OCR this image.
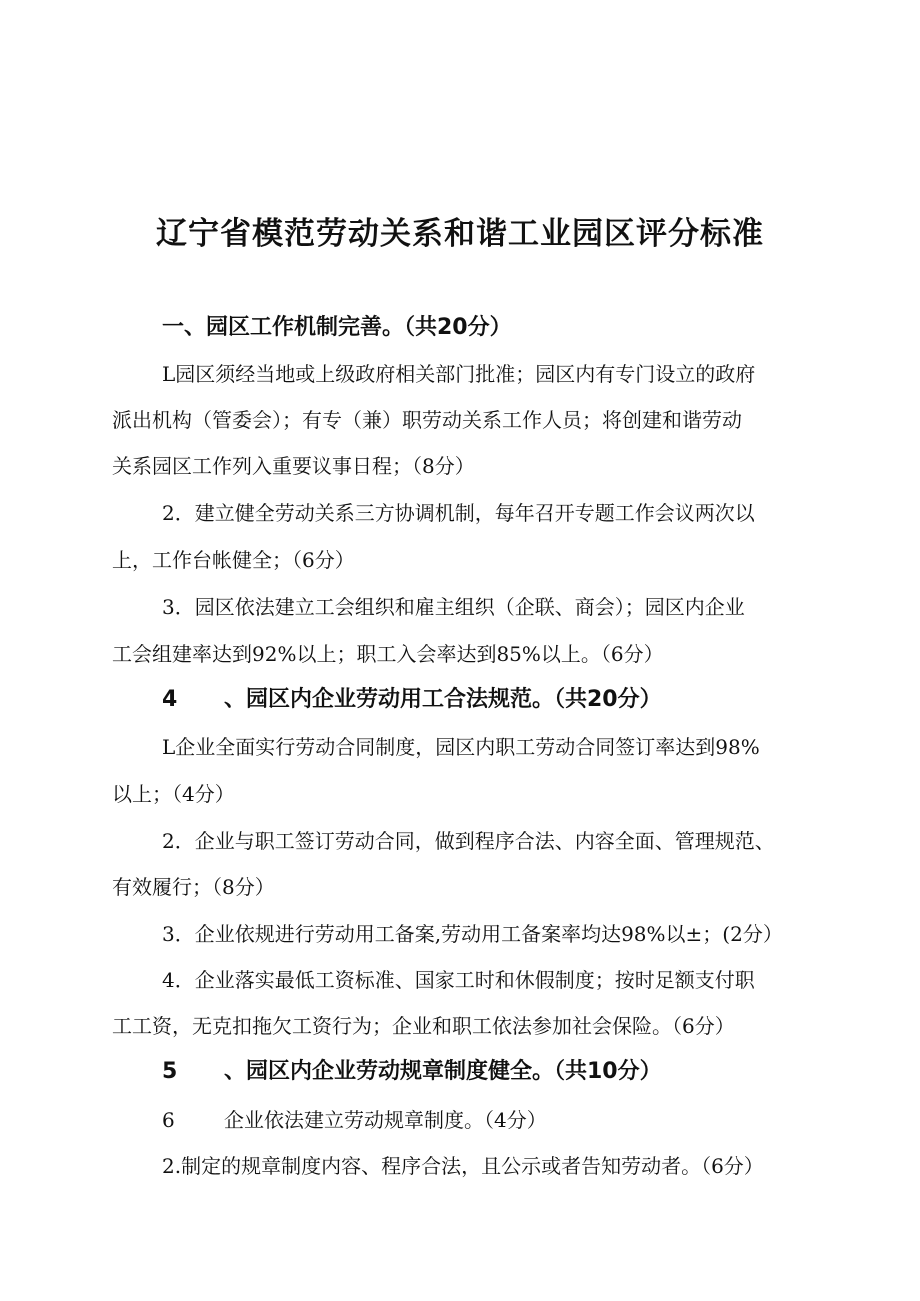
辽宁省模范劳动关系和谐工业园区评分标准
一、园区工作机制完善。（共20分）
L园区须经当地或上级政府相关部门批准；园区内有专门设立的政府
派出机构（管委会）；有专（兼）职劳动关系工作人员；将创建和谐劳动
关系园区工作列入重要议事日程；（8分）
2．建立健全劳动关系三方协调机制，每年召开专题工作会议两次以
上，工作台帐健全；（6分）
3．园区依法建立工会组织和雇主组织（企联、商会）；园区内企业
工会组建率达到92%以上；职工入会率达到85%以上。（6分）
4 、园区内企业劳动用工合法规范。（共20分）
L企业全面实行劳动合同制度，园区内职工劳动合同签订率达到98%
以上；（4分）
2．企业与职工签订劳动合同，做到程序合法、内容全面、管理规范、
有效履行；（8分）
3．企业依规进行劳动用工备案,劳动用工备案率均达98%以±；(2分）
4．企业落实最低工资标准、国家工时和休假制度；按时足额支付职
工工资，无克扣拖欠工资行为；企业和职工依法参加社会保险。（6分）
5 、园区内企业劳动规章制度健全。（共10分）
6 企业依法建立劳动规章制度。（4分）
2.制定的规章制度内容、程序合法，且公示或者告知劳动者。（6分）
